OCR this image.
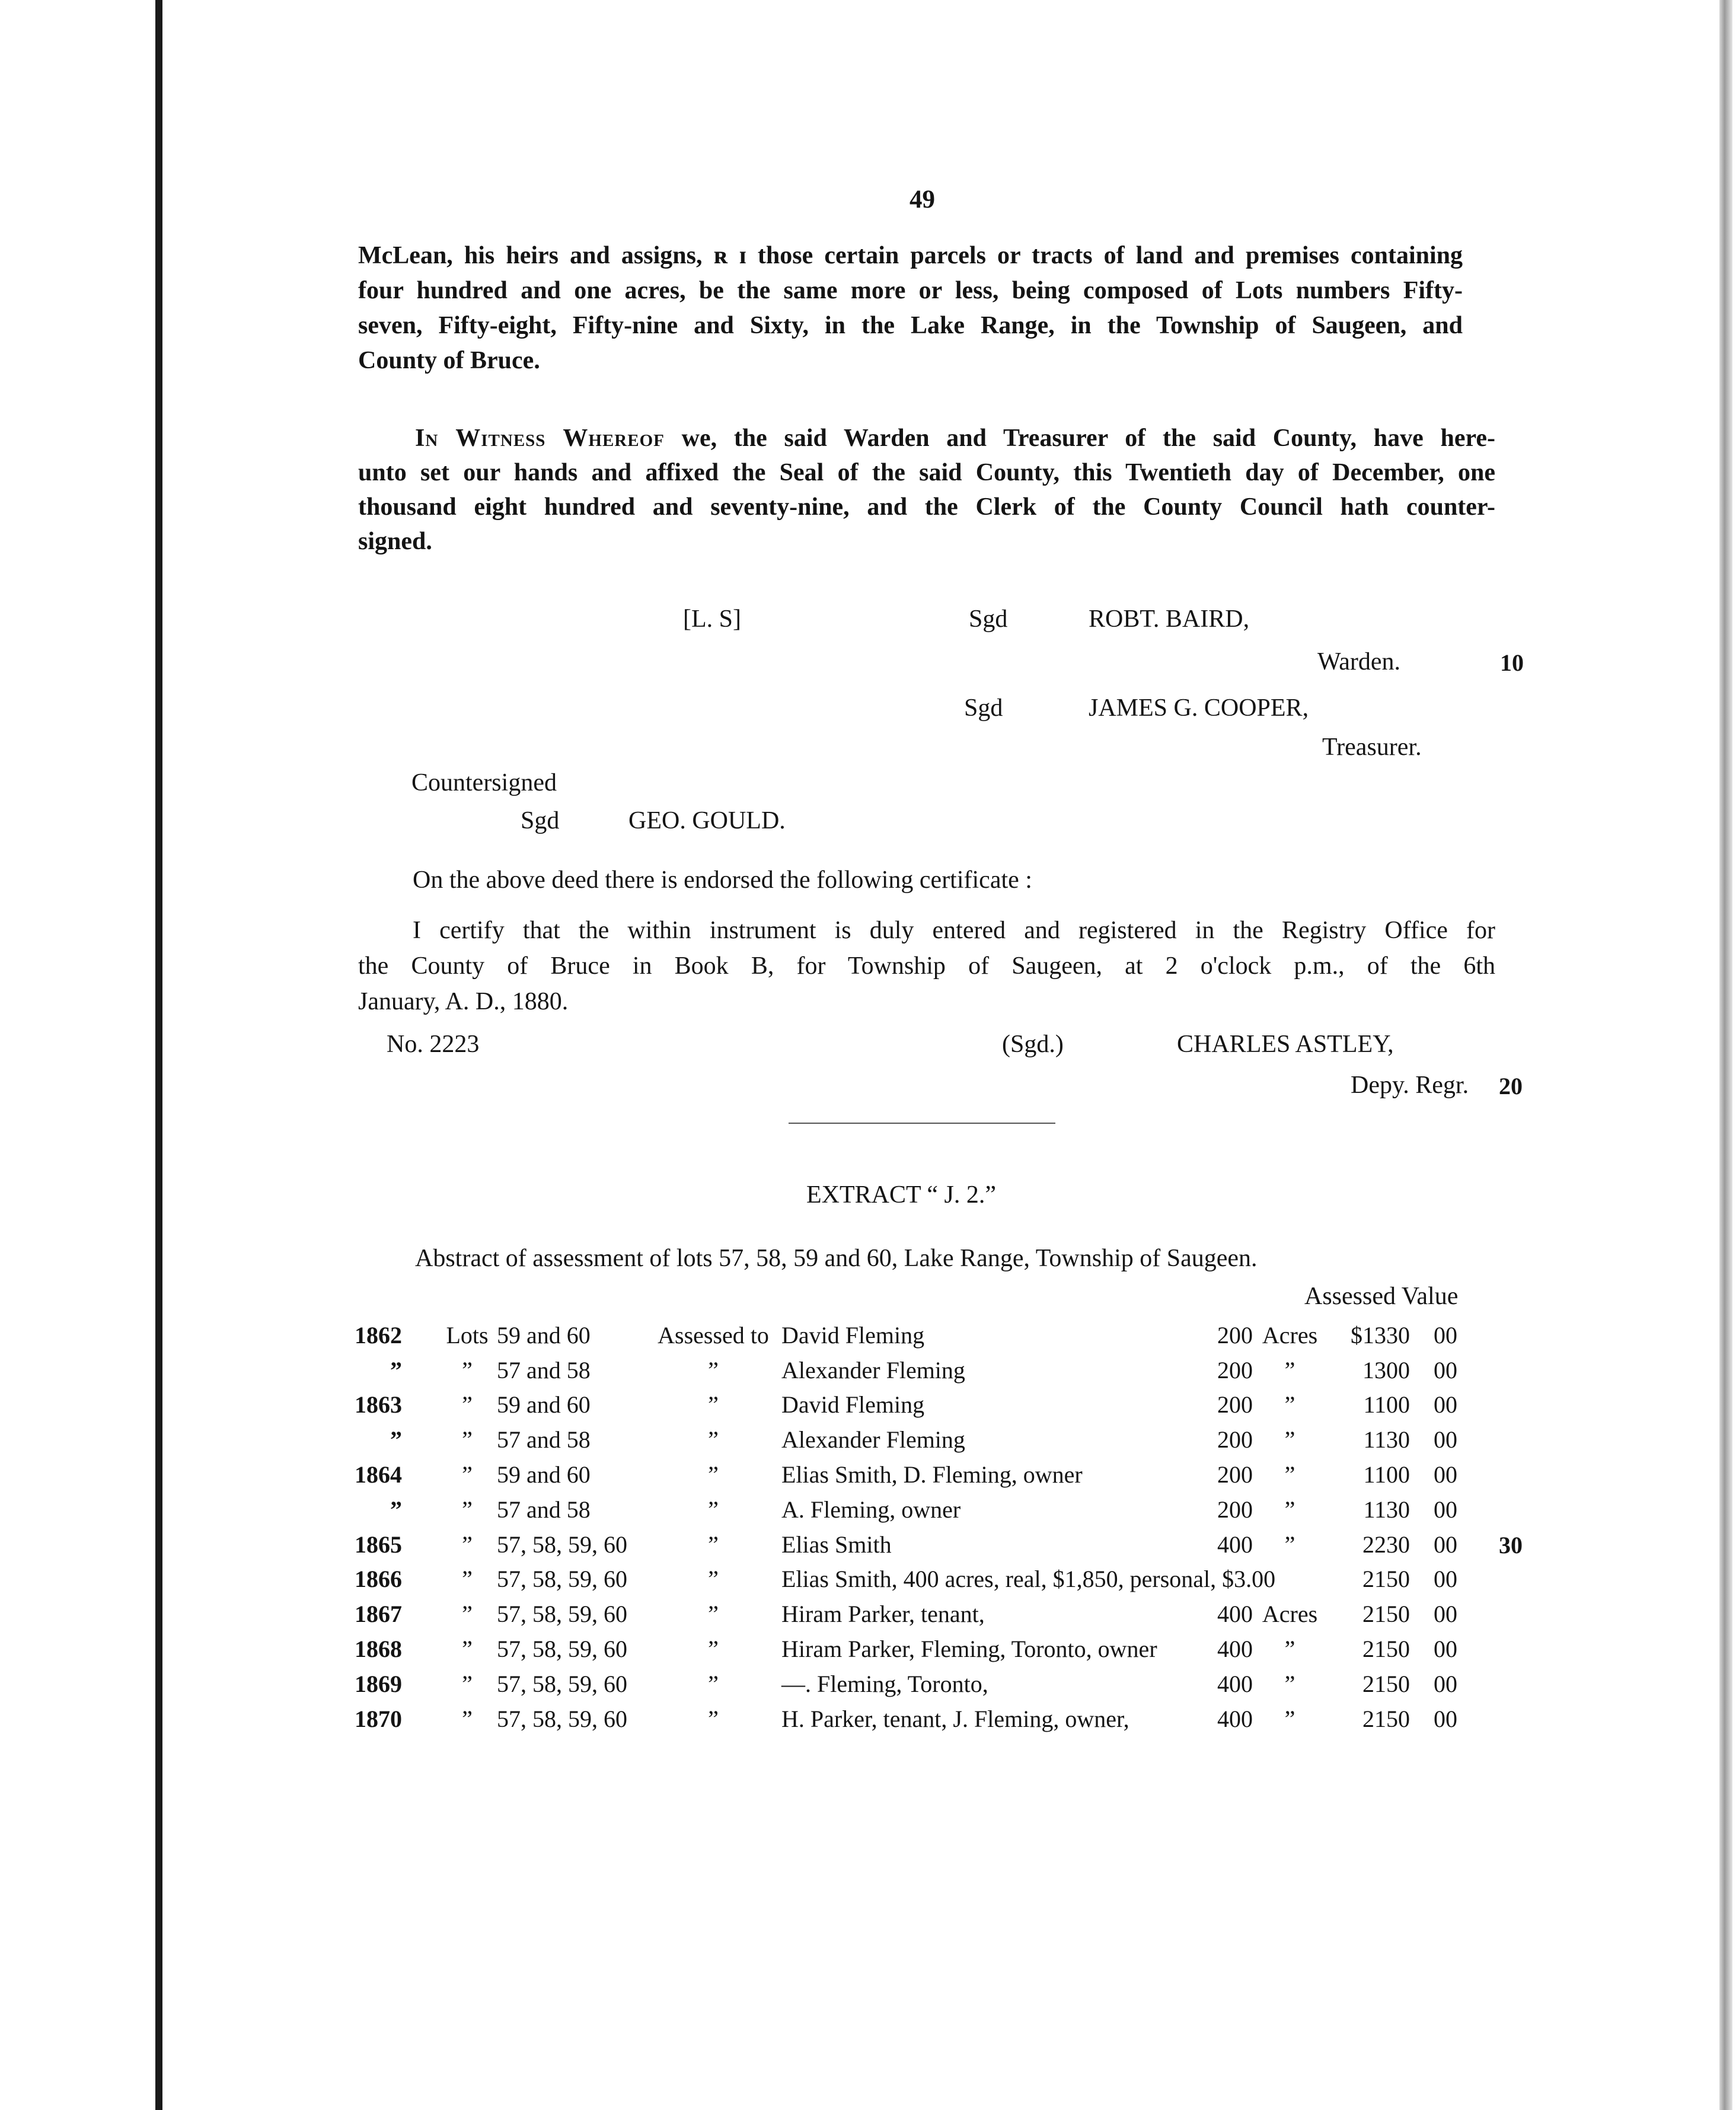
49
McLean, his heirs and assigns, ʀ ɪ those certain parcels or tracts of land and premises containing
four hundred and one acres, be the same more or less, being composed of Lots numbers Fifty-
seven, Fifty-eight, Fifty-nine and Sixty, in the Lake Range, in the Township of Saugeen, and
County of Bruce.
In Witness Whereof we, the said Warden and Treasurer of the said County, have here-
unto set our hands and affixed the Seal of the said County, this Twentieth day of December, one
thousand eight hundred and seventy-nine, and the Clerk of the County Council hath counter-
signed.
[L. S]	Sgd	ROBT. BAIRD,
Warden.	10
Sgd	JAMES G. COOPER,
Treasurer.
Countersigned
Sgd	GEO. GOULD.
On the above deed there is endorsed the following certificate :
I certify that the within instrument is duly entered and registered in the Registry Office for
the County of Bruce in Book B, for Township of Saugeen, at 2 o'clock p.m., of the 6th
January, A. D., 1880.
No. 2223	(Sgd.)	CHARLES ASTLEY,
Depy. Regr. 20
EXTRACT “ J. 2.”
Abstract of assessment of lots 57, 58, 59 and 60, Lake Range, Township of Saugeen.
Assessed Value
30
1862	Lots	59 and 60	Assessed to	David Fleming	200	Acres	$1330	00
”	”	57 and 58	”	Alexander Fleming	200	”	1300	00
1863	”	59 and 60	”	David Fleming	200	”	1100	00
”	”	57 and 58	”	Alexander Fleming	200	”	1130	00
1864	”	59 and 60	”	Elias Smith, D. Fleming, owner	200	”	1100	00
”	”	57 and 58	”	A. Fleming, owner	200	”	1130	00
1865	”	57, 58, 59, 60	”	Elias Smith	400	”	2230	00
1866	”	57, 58, 59, 60	”	Elias Smith, 400 acres, real, $1,850, personal, $3.00			2150	00
1867	”	57, 58, 59, 60	”	Hiram Parker, tenant,	400	Acres	2150	00
1868	”	57, 58, 59, 60	”	Hiram Parker, Fleming, Toronto, owner	400	”	2150	00
1869	”	57, 58, 59, 60	”	—. Fleming, Toronto,	400	”	2150	00
1870	”	57, 58, 59, 60	”	H. Parker, tenant, J. Fleming, owner,	400	”	2150	00
